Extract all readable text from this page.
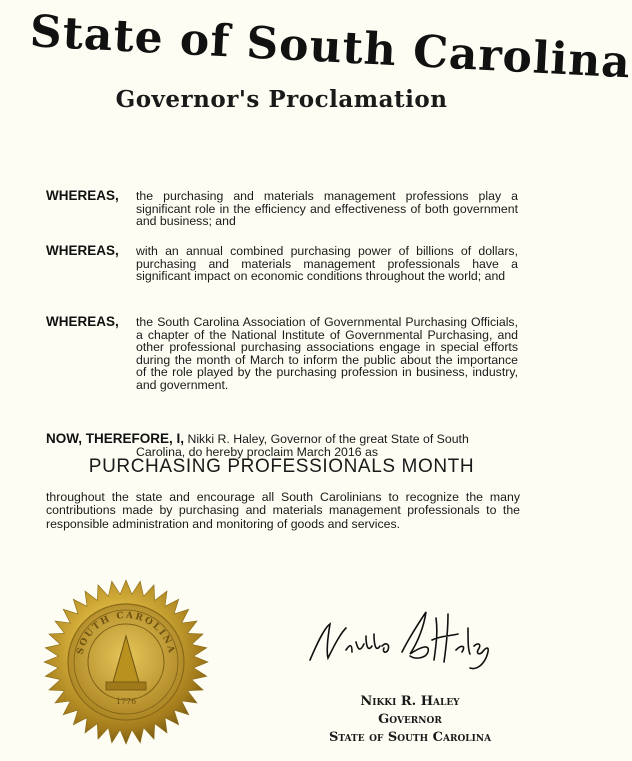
State of South Carolina
Governor's Proclamation
WHEREAS, the purchasing and materials management professions play a significant role in the efficiency and effectiveness of both government and business; and
WHEREAS, with an annual combined purchasing power of billions of dollars, purchasing and materials management professionals have a significant impact on economic conditions throughout the world; and
WHEREAS, the South Carolina Association of Governmental Purchasing Officials, a chapter of the National Institute of Governmental Purchasing, and other professional purchasing associations engage in special efforts during the month of March to inform the public about the importance of the role played by the purchasing profession in business, industry, and government.
NOW, THEREFORE, I, Nikki R. Haley, Governor of the great State of South
Carolina, do hereby proclaim March 2016 as
PURCHASING PROFESSIONALS MONTH
throughout the state and encourage all South Carolinians to recognize the many contributions made by purchasing and materials management professionals to the responsible administration and monitoring of goods and services.
SOUTH CAROLINA
1776	Nikki R. Haley
Governor
State of South Carolina
